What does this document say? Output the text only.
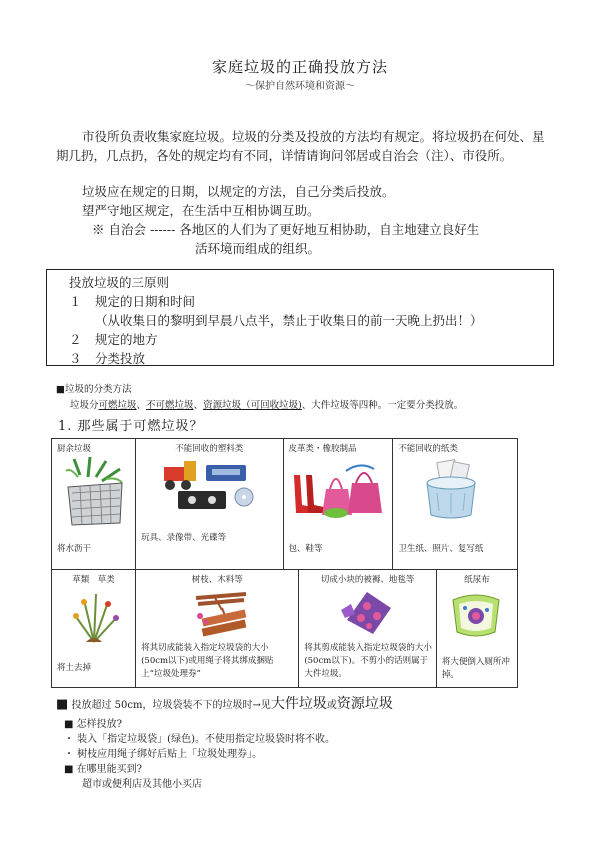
家庭垃圾的正确投放方法
～保护自然环境和资源～
市役所负责收集家庭垃圾。垃圾的分类及投放的方法均有规定。将垃圾扔在何处、星期几扔，几点扔，各处的规定均有不同，详情请询问邻居或自治会（注）、市役所。
垃圾应在规定的日期，以规定的方法，自己分类后投放。
望严守地区规定，在生活中互相协调互助。
※ 自治会 ------ 各地区的人们为了更好地互相协助，自主地建立良好生
活环境而组成的组织。
投放垃圾的三原则
１ 规定的日期和时间
（从收集日的黎明到早晨八点半，禁止于收集日的前一天晚上扔出！）
２ 规定的地方
３ 分类投放
■垃圾的分类方法
垃圾分可燃垃圾、不可燃垃圾、资源垃圾（可回收垃圾)、大件垃圾等四种。一定要分类投放。
1. 那些属于可燃垃圾？
厨余垃圾
将水沥干

不能回收的塑料类
玩具、录像带、光碟等

皮革类・橡胶制品
包、鞋等

不能回收的纸类
卫生纸、照片、复写纸
草類　草类
将土去掉

树枝、木料等
将其切成能装入指定垃圾袋的大小(50cm以下)或用绳子将其绑成捆贴上“垃圾处理券”

切成小块的被褥、地毯等
将其剪成能装入指定垃圾袋的大小(50cm以下)。不剪小的话则属于大件垃圾。

纸尿布
将大便倒入厕所冲掉。
■ 投放超过 50cm，垃圾袋装不下的垃圾时→见大件垃圾或资源垃圾
■ 怎样投放?
・ 装入「指定垃圾袋」(绿色)。不使用指定垃圾袋时将不收。
・ 树枝应用绳子绑好后贴上「垃圾处理券」。
■ 在哪里能买到?
超市或便利店及其他小买店
